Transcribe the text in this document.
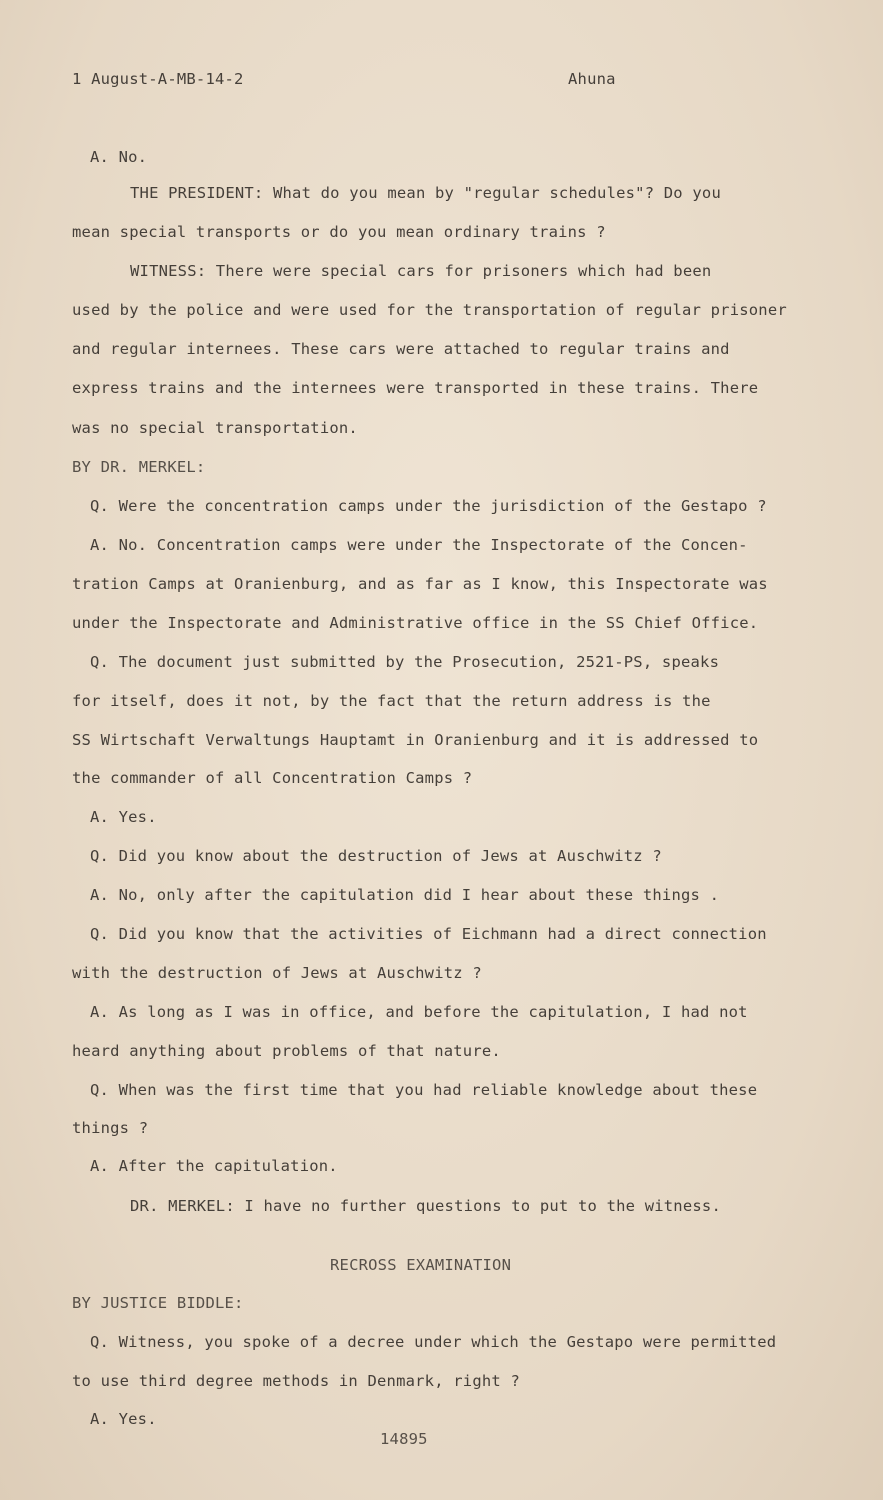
1 August-A-MB-14-2	Ahuna
A. No.
THE PRESIDENT: What do you mean by "regular schedules"? Do you
mean special transports or do you mean ordinary trains ?
WITNESS: There were special cars for prisoners which had been
used by the police and were used for the transportation of regular prisoner
and regular internees. These cars were attached to regular trains and
express trains and the internees were transported in these trains. There
was no special transportation.
BY DR. MERKEL:
Q. Were the concentration camps under the jurisdiction of the Gestapo ?
A. No. Concentration camps were under the Inspectorate of the Concen-
tration Camps at Oranienburg, and as far as I know, this Inspectorate was
under the Inspectorate and Administrative office in the SS Chief Office.
Q. The document just submitted by the Prosecution, 2521-PS, speaks
for itself, does it not, by the fact that the return address is the
SS Wirtschaft Verwaltungs Hauptamt in Oranienburg and it is addressed to
the commander of all Concentration Camps ?
A. Yes.
Q. Did you know about the destruction of Jews at Auschwitz ?
A. No, only after the capitulation did I hear about these things .
Q. Did you know that the activities of Eichmann had a direct connection
with the destruction of Jews at Auschwitz ?
A. As long as I was in office, and before the capitulation, I had not
heard anything about problems of that nature.
Q. When was the first time that you had reliable knowledge about these
things ?
A. After the capitulation.
DR. MERKEL: I have no further questions to put to the witness.
RECROSS EXAMINATION
BY JUSTICE BIDDLE:
Q. Witness, you spoke of a decree under which the Gestapo were permitted
to use third degree methods in Denmark, right ?
A. Yes.
14895
